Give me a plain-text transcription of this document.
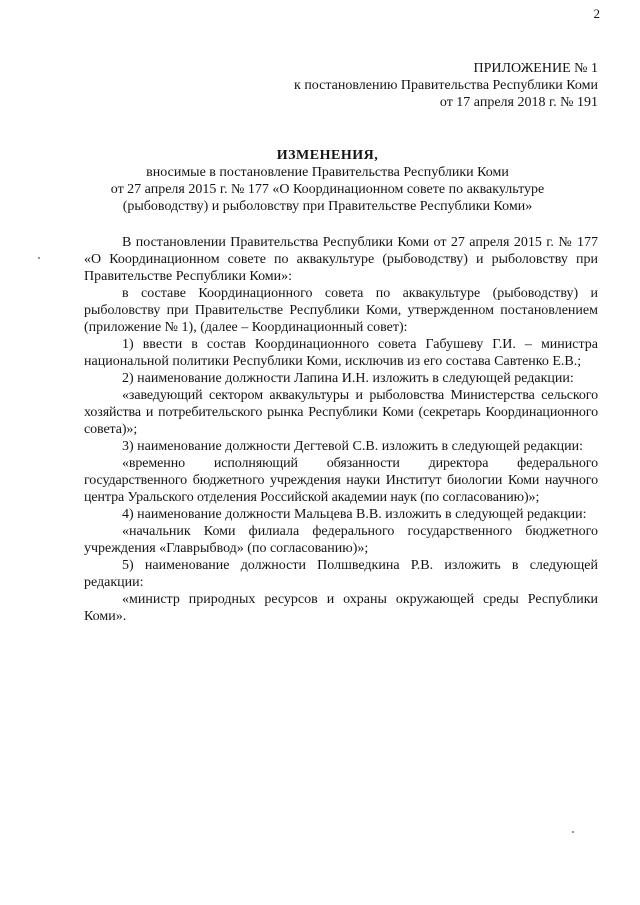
2
ПРИЛОЖЕНИЕ № 1
к постановлению Правительства Республики Коми
от 17 апреля 2018 г. № 191
ИЗМЕНЕНИЯ,
вносимые в постановление Правительства Республики Коми
от 27 апреля 2015 г. № 177 «О Координационном совете по аквакультуре
(рыбоводству) и рыболовству при Правительстве Республики Коми»

В постановлении Правительства Республики Коми от 27 апреля 2015 г. № 177 «О Координационном совете по аквакультуре (рыбоводству) и рыболовству при Правительстве Республики Коми»:

в составе Координационного совета по аквакультуре (рыбоводству) и рыболовству при Правительстве Республики Коми, утвержденном постановлением (приложение № 1), (далее – Координационный совет):

1) ввести в состав Координационного совета Габушеву Г.И. – министра национальной политики Республики Коми, исключив из его состава Савтенко Е.В.;

2) наименование должности Лапина И.Н. изложить в следующей редакции:

«заведующий сектором аквакультуры и рыболовства Министерства сельского хозяйства и потребительского рынка Республики Коми (секретарь Координационного совета)»;

3) наименование должности Дегтевой С.В. изложить в следующей редакции:

«временно исполняющий обязанности директора федерального государственного бюджетного учреждения науки Институт биологии Коми научного центра Уральского отделения Российской академии наук (по согласованию)»;

4) наименование должности Мальцева В.В. изложить в следующей редакции:

«начальник Коми филиала федерального государственного бюджетного учреждения «Главрыбвод» (по согласованию)»;

5) наименование должности Полшведкина Р.В. изложить в следующей редакции:

«министр природных ресурсов и охраны окружающей среды Республики Коми».
